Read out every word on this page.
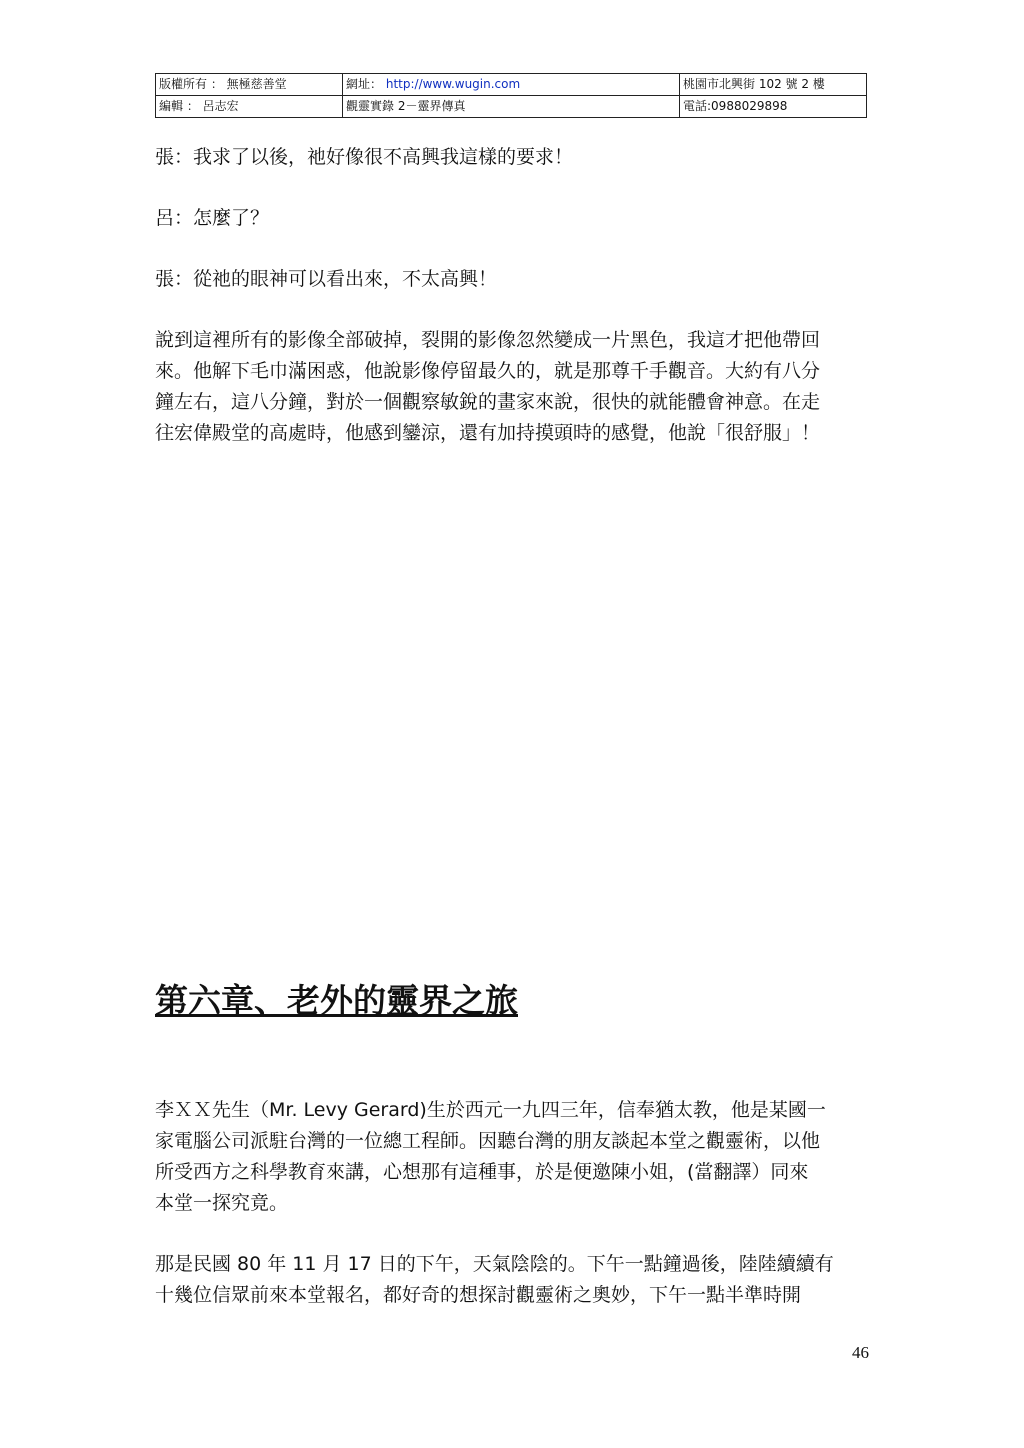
版權所有 ： 無極慈善堂	網址： http://www.wugin.com	桃園市北興街 102 號 2 樓
編輯 ： 呂志宏	觀靈實錄 2－靈界傳真	電話:0988029898

張：我求了以後，祂好像很不高興我這樣的要求！

呂：怎麼了？

張：從祂的眼神可以看出來，不太高興！

說到這裡所有的影像全部破掉，裂開的影像忽然變成一片黑色，我這才把他帶回

來。他解下毛巾滿困惑，他說影像停留最久的，就是那尊千手觀音。大約有八分

鐘左右，這八分鐘，對於一個觀察敏銳的畫家來說，很快的就能體會神意。在走

往宏偉殿堂的高處時，他感到鑾涼，還有加持摸頭時的感覺，他說「很舒服」！

第六章、老外的靈界之旅

李ＸＸ先生（Mr. Levy Gerard)生於西元一九四三年，信奉猶太教，他是某國一

家電腦公司派駐台灣的一位總工程師。因聽台灣的朋友談起本堂之觀靈術，以他

所受西方之科學教育來講，心想那有這種事，於是便邀陳小姐，(當翻譯）同來

本堂一探究竟。

那是民國 80 年 11 月 17 日的下午，天氣陰陰的。下午一點鐘過後，陸陸續續有

十幾位信眾前來本堂報名，都好奇的想探討觀靈術之奧妙，下午一點半準時開

46
